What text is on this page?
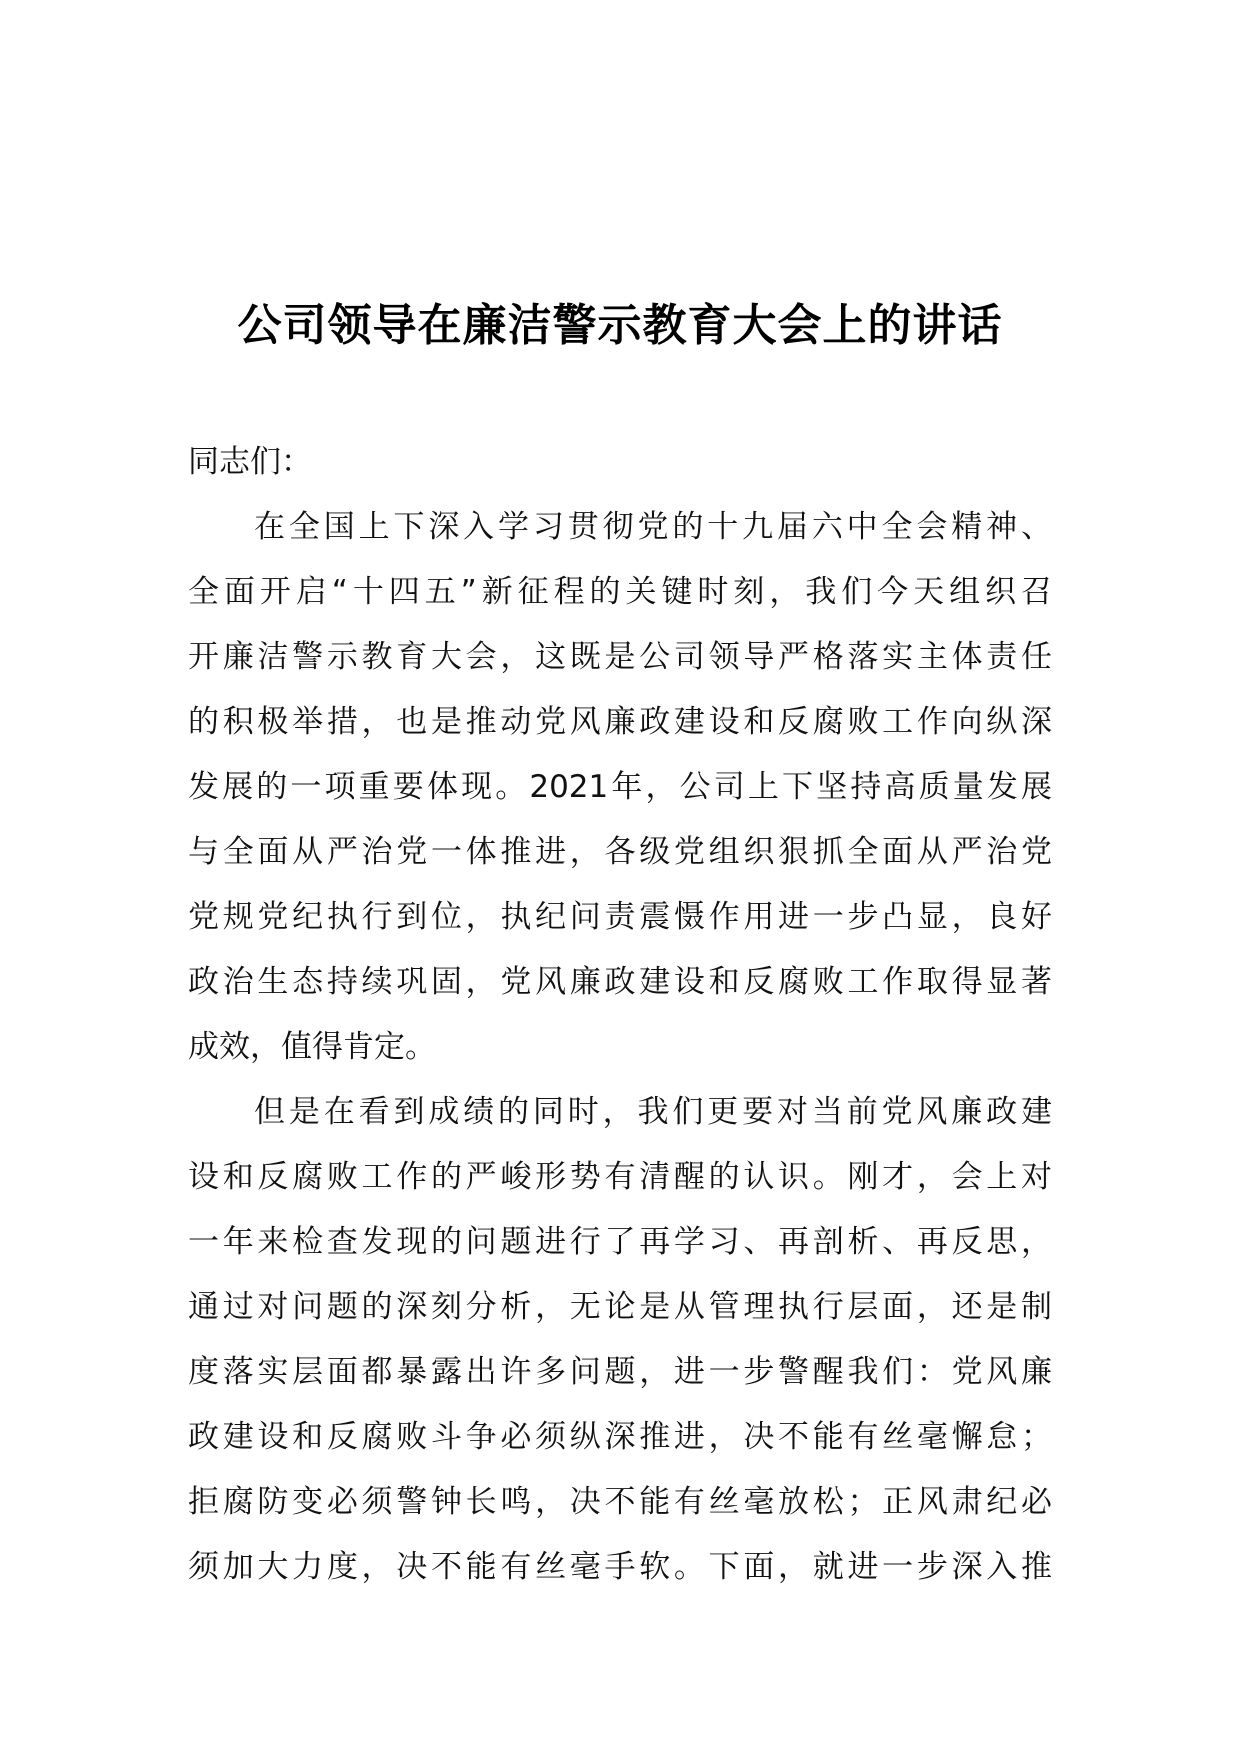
公司领导在廉洁警示教育大会上的讲话
同志们：
在全国上下深入学习贯彻党的十九届六中全会精神、
全面开启“十四五”新征程的关键时刻，我们今天组织召
开廉洁警示教育大会，这既是公司领导严格落实主体责任
的积极举措，也是推动党风廉政建设和反腐败工作向纵深
发展的一项重要体现。2021年，公司上下坚持高质量发展
与全面从严治党一体推进，各级党组织狠抓全面从严治党
党规党纪执行到位，执纪问责震慑作用进一步凸显，良好
政治生态持续巩固，党风廉政建设和反腐败工作取得显著
成效，值得肯定。
但是在看到成绩的同时，我们更要对当前党风廉政建
设和反腐败工作的严峻形势有清醒的认识。刚才，会上对
一年来检查发现的问题进行了再学习、再剖析、再反思，
通过对问题的深刻分析，无论是从管理执行层面，还是制
度落实层面都暴露出许多问题，进一步警醒我们：党风廉
政建设和反腐败斗争必须纵深推进，决不能有丝毫懈怠；
拒腐防变必须警钟长鸣，决不能有丝毫放松；正风肃纪必
须加大力度，决不能有丝毫手软。下面，就进一步深入推
